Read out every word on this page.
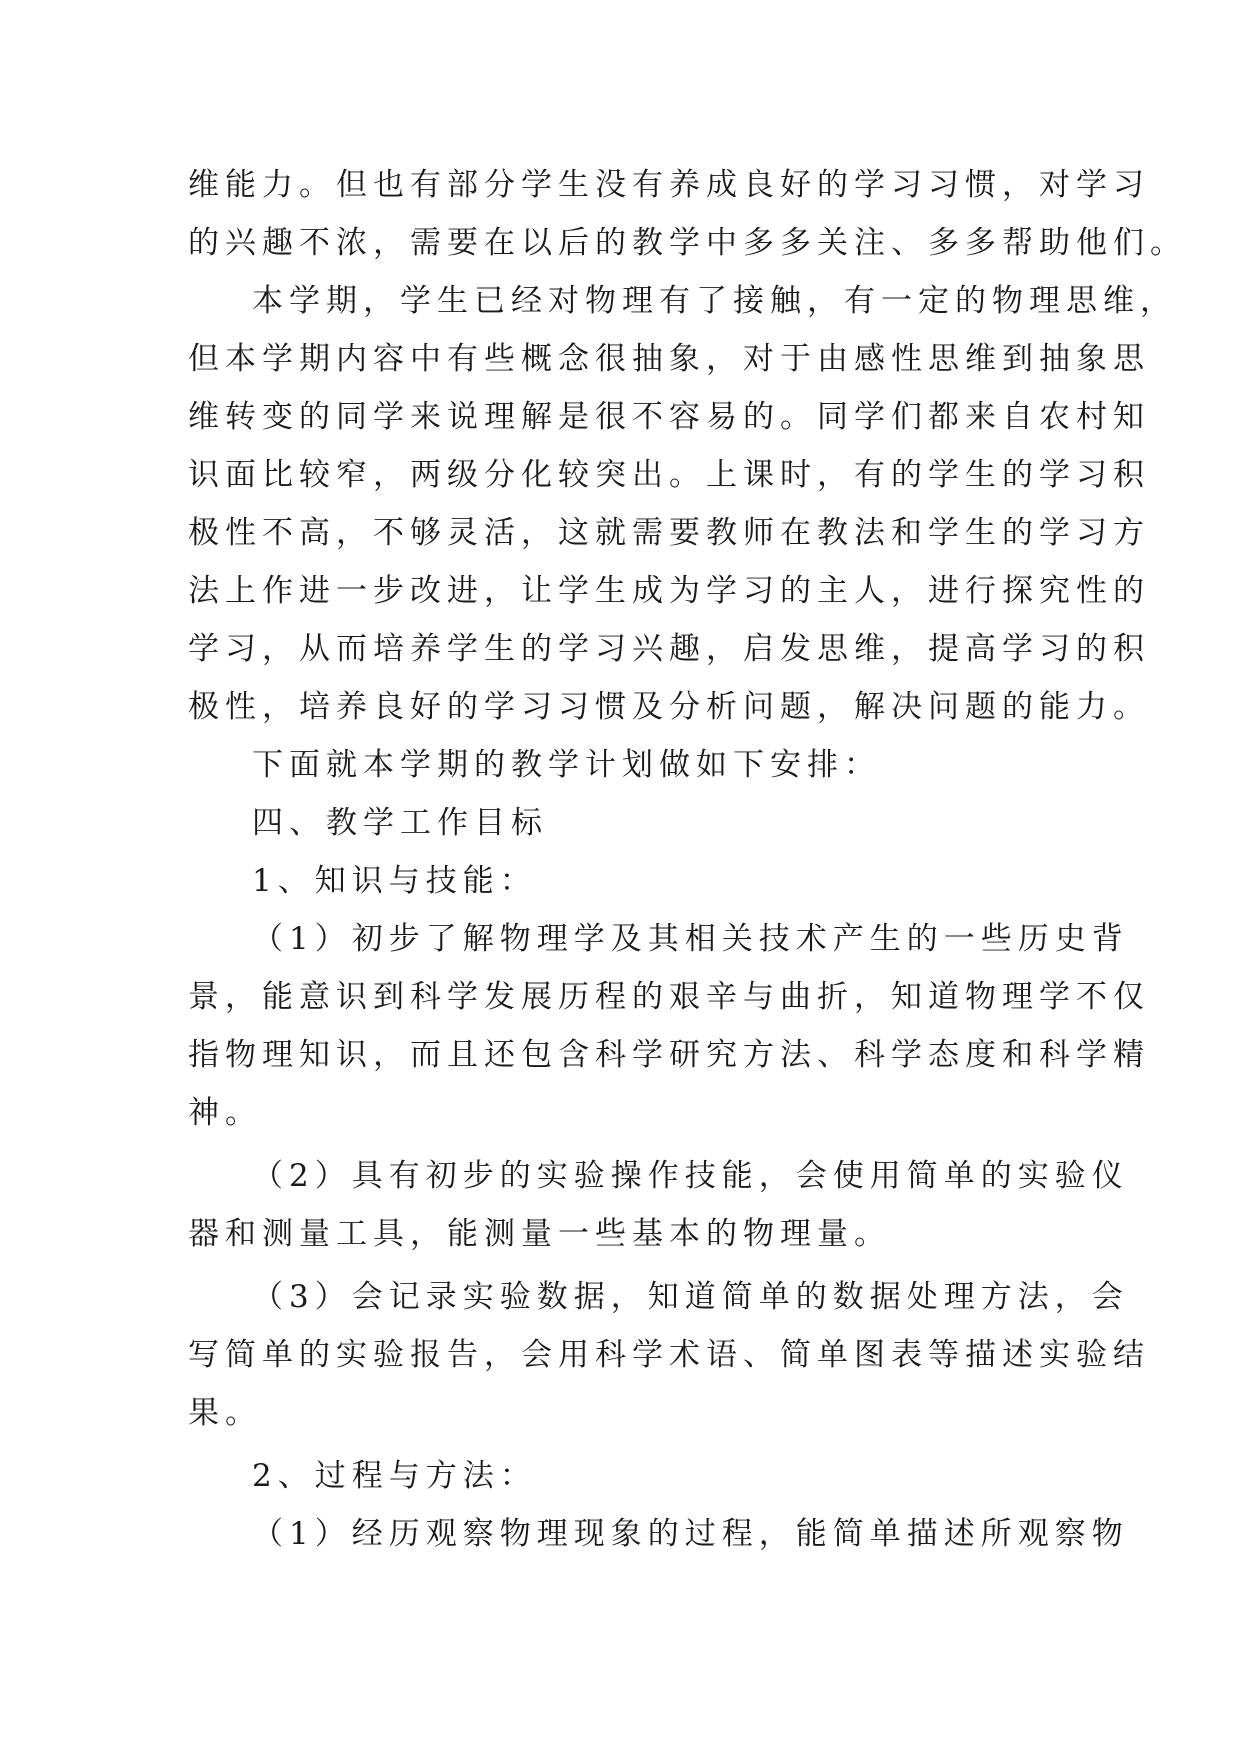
维能力。但也有部分学生没有养成良好的学习习惯，对学习
的兴趣不浓，需要在以后的教学中多多关注、多多帮助他们。
本学期，学生已经对物理有了接触，有一定的物理思维，
但本学期内容中有些概念很抽象，对于由感性思维到抽象思
维转变的同学来说理解是很不容易的。同学们都来自农村知
识面比较窄，两级分化较突出。上课时，有的学生的学习积
极性不高，不够灵活，这就需要教师在教法和学生的学习方
法上作进一步改进，让学生成为学习的主人，进行探究性的
学习，从而培养学生的学习兴趣，启发思维，提高学习的积
极性，培养良好的学习习惯及分析问题，解决问题的能力。
下面就本学期的教学计划做如下安排：
四、教学工作目标
1、知识与技能：
（1）初步了解物理学及其相关技术产生的一些历史背
景，能意识到科学发展历程的艰辛与曲折，知道物理学不仅
指物理知识，而且还包含科学研究方法、科学态度和科学精
神。
（2）具有初步的实验操作技能，会使用简单的实验仪
器和测量工具，能测量一些基本的物理量。
（3）会记录实验数据，知道简单的数据处理方法，会
写简单的实验报告，会用科学术语、简单图表等描述实验结
果。
2、过程与方法：
（1）经历观察物理现象的过程，能简单描述所观察物
